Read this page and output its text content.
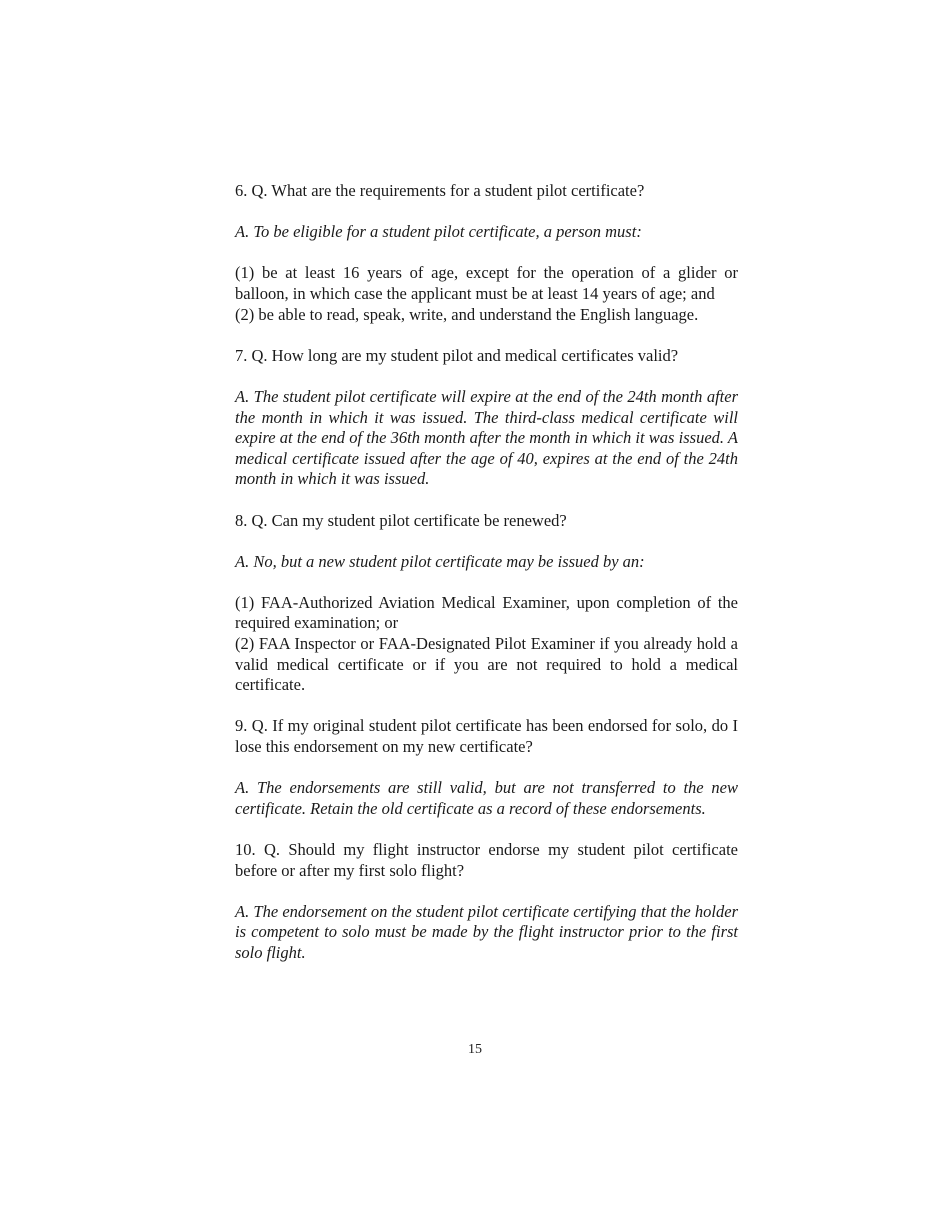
6. Q. What are the requirements for a student pilot certificate?
A. To be eligible for a student pilot certificate, a person must:
(1) be at least 16 years of age, except for the operation of a glider or balloon, in which case the applicant must be at least 14 years of age; and
(2) be able to read, speak, write, and understand the English language.
7. Q. How long are my student pilot and medical certificates valid?
A. The student pilot certificate will expire at the end of the 24th month after the month in which it was issued. The third-class medical certificate will expire at the end of the 36th month after the month in which it was issued. A medical certificate issued after the age of 40, expires at the end of the 24th month in which it was issued.
8. Q. Can my student pilot certificate be renewed?
A. No, but a new student pilot certificate may be issued by an:
(1) FAA-Authorized Aviation Medical Examiner, upon completion of the required examination; or
(2) FAA Inspector or FAA-Designated Pilot Examiner if you already hold a valid medical certificate or if you are not required to hold a medical certificate.
9. Q. If my original student pilot certificate has been endorsed for solo, do I lose this endorsement on my new certificate?
A. The endorsements are still valid, but are not transferred to the new certificate. Retain the old certificate as a record of these endorsements.
10. Q. Should my flight instructor endorse my student pilot certificate before or after my first solo flight?
A. The endorsement on the student pilot certificate certifying that the holder is competent to solo must be made by the flight instructor prior to the first solo flight.
15
